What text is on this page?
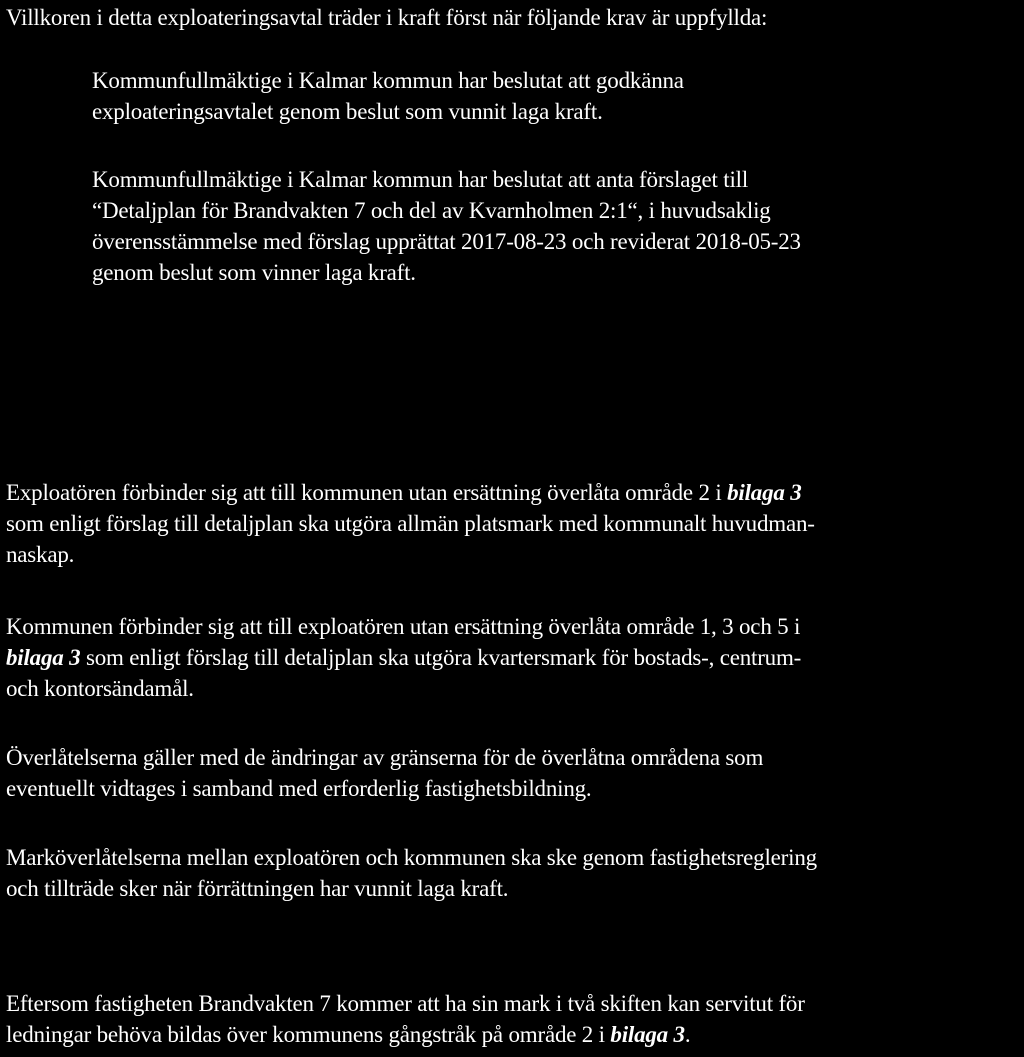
Villkoren i detta exploateringsavtal träder i kraft först när följande krav är uppfyllda:

Kommunfullmäktige i Kalmar kommun har beslutat att godkänna
exploateringsavtalet genom beslut som vunnit laga kraft.

Kommunfullmäktige i Kalmar kommun har beslutat att anta förslaget till
“Detaljplan för Brandvakten 7 och del av Kvarnholmen 2:1“, i huvudsaklig
överensstämmelse med förslag upprättat 2017-08-23 och reviderat 2018-05-23
genom beslut som vinner laga kraft.

Exploatören förbinder sig att till kommunen utan ersättning överlåta område 2 i bilaga 3
som enligt förslag till detaljplan ska utgöra allmän platsmark med kommunalt huvudman-
naskap.

Kommunen förbinder sig att till exploatören utan ersättning överlåta område 1, 3 och 5 i
bilaga 3 som enligt förslag till detaljplan ska utgöra kvartersmark för bostads-, centrum-
och kontorsändamål.

Överlåtelserna gäller med de ändringar av gränserna för de överlåtna områdena som
eventuellt vidtages i samband med erforderlig fastighetsbildning.

Marköverlåtelserna mellan exploatören och kommunen ska ske genom fastighetsreglering
och tillträde sker när förrättningen har vunnit laga kraft.

Eftersom fastigheten Brandvakten 7 kommer att ha sin mark i två skiften kan servitut för
ledningar behöva bildas över kommunens gångstråk på område 2 i bilaga 3.
